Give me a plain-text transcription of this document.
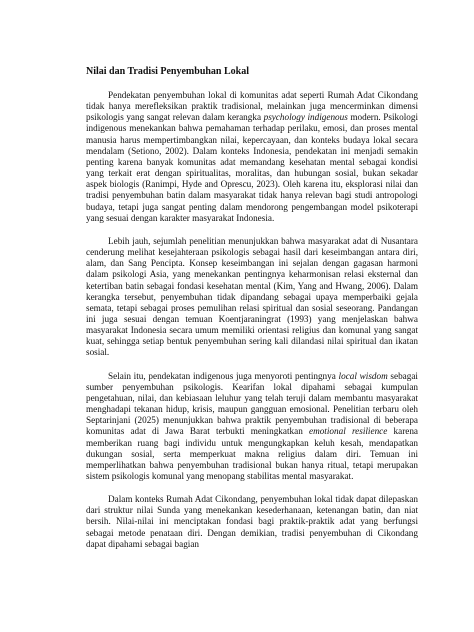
Nilai dan Tradisi Penyembuhan Lokal

Pendekatan penyembuhan lokal di komunitas adat seperti Rumah Adat Cikondang tidak hanya merefleksikan praktik tradisional, melainkan juga mencerminkan dimensi psikologis yang sangat relevan dalam kerangka psychology indigenous modern. Psikologi indigenous menekankan bahwa pemahaman terhadap perilaku, emosi, dan proses mental manusia harus mempertimbangkan nilai, kepercayaan, dan konteks budaya lokal secara mendalam (Setiono, 2002). Dalam konteks Indonesia, pendekatan ini menjadi semakin penting karena banyak komunitas adat memandang kesehatan mental sebagai kondisi yang terkait erat dengan spiritualitas, moralitas, dan hubungan sosial, bukan sekadar aspek biologis (Ranimpi, Hyde and Oprescu, 2023). Oleh karena itu, eksplorasi nilai dan tradisi penyembuhan batin dalam masyarakat tidak hanya relevan bagi studi antropologi budaya, tetapi juga sangat penting dalam mendorong pengembangan model psikoterapi yang sesuai dengan karakter masyarakat Indonesia.

Lebih jauh, sejumlah penelitian menunjukkan bahwa masyarakat adat di Nusantara cenderung melihat kesejahteraan psikologis sebagai hasil dari keseimbangan antara diri, alam, dan Sang Pencipta. Konsep keseimbangan ini sejalan dengan gagasan harmoni dalam psikologi Asia, yang menekankan pentingnya keharmonisan relasi eksternal dan ketertiban batin sebagai fondasi kesehatan mental (Kim, Yang and Hwang, 2006). Dalam kerangka tersebut, penyembuhan tidak dipandang sebagai upaya memperbaiki gejala semata, tetapi sebagai proses pemulihan relasi spiritual dan sosial seseorang. Pandangan ini juga sesuai dengan temuan Koentjaraningrat (1993) yang menjelaskan bahwa masyarakat Indonesia secara umum memiliki orientasi religius dan komunal yang sangat kuat, sehingga setiap bentuk penyembuhan sering kali dilandasi nilai spiritual dan ikatan sosial.

Selain itu, pendekatan indigenous juga menyoroti pentingnya local wisdom sebagai sumber penyembuhan psikologis. Kearifan lokal dipahami sebagai kumpulan pengetahuan, nilai, dan kebiasaan leluhur yang telah teruji dalam membantu masyarakat menghadapi tekanan hidup, krisis, maupun gangguan emosional. Penelitian terbaru oleh Septarinjani (2025) menunjukkan bahwa praktik penyembuhan tradisional di beberapa komunitas adat di Jawa Barat terbukti meningkatkan emotional resilience karena memberikan ruang bagi individu untuk mengungkapkan keluh kesah, mendapatkan dukungan sosial, serta memperkuat makna religius dalam diri. Temuan ini memperlihatkan bahwa penyembuhan tradisional bukan hanya ritual, tetapi merupakan sistem psikologis komunal yang menopang stabilitas mental masyarakat.

Dalam konteks Rumah Adat Cikondang, penyembuhan lokal tidak dapat dilepaskan dari struktur nilai Sunda yang menekankan kesederhanaan, ketenangan batin, dan niat bersih. Nilai-nilai ini menciptakan fondasi bagi praktik-praktik adat yang berfungsi sebagai metode penataan diri. Dengan demikian, tradisi penyembuhan di Cikondang dapat dipahami sebagai bagian
